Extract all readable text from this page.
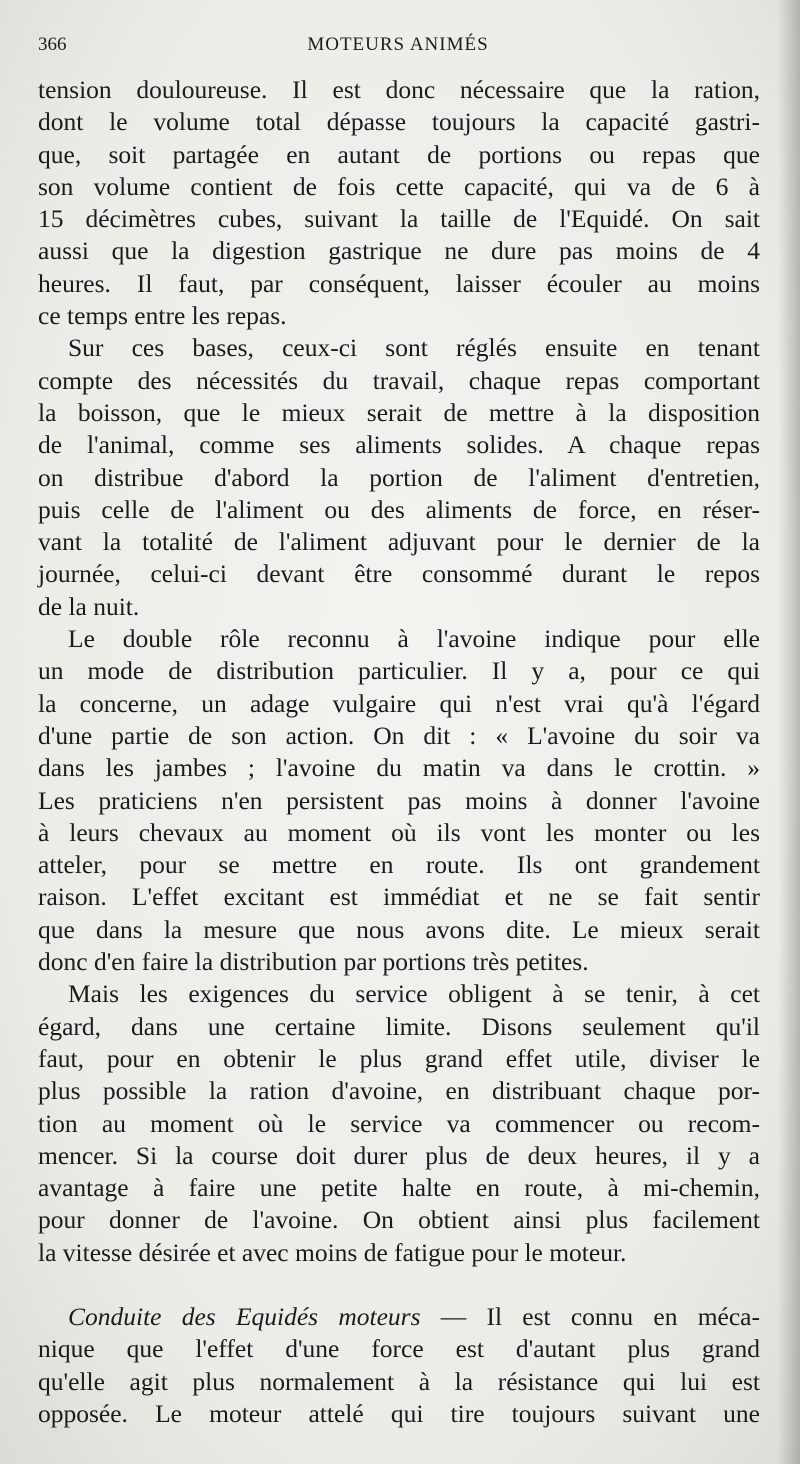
366	MOTEURS ANIMÉS
tension douloureuse. Il est donc nécessaire que la ration,
dont le volume total dépasse toujours la capacité gastri-
que, soit partagée en autant de portions ou repas que
son volume contient de fois cette capacité, qui va de 6 à
15 décimètres cubes, suivant la taille de l'Equidé. On sait
aussi que la digestion gastrique ne dure pas moins de 4
heures. Il faut, par conséquent, laisser écouler au moins
ce temps entre les repas.
Sur ces bases, ceux-ci sont réglés ensuite en tenant
compte des nécessités du travail, chaque repas comportant
la boisson, que le mieux serait de mettre à la disposition
de l'animal, comme ses aliments solides. A chaque repas
on distribue d'abord la portion de l'aliment d'entretien,
puis celle de l'aliment ou des aliments de force, en réser-
vant la totalité de l'aliment adjuvant pour le dernier de la
journée, celui-ci devant être consommé durant le repos
de la nuit.
Le double rôle reconnu à l'avoine indique pour elle
un mode de distribution particulier. Il y a, pour ce qui
la concerne, un adage vulgaire qui n'est vrai qu'à l'égard
d'une partie de son action. On dit : « L'avoine du soir va
dans les jambes ; l'avoine du matin va dans le crottin. »
Les praticiens n'en persistent pas moins à donner l'avoine
à leurs chevaux au moment où ils vont les monter ou les
atteler, pour se mettre en route. Ils ont grandement
raison. L'effet excitant est immédiat et ne se fait sentir
que dans la mesure que nous avons dite. Le mieux serait
donc d'en faire la distribution par portions très petites.
Mais les exigences du service obligent à se tenir, à cet
égard, dans une certaine limite. Disons seulement qu'il
faut, pour en obtenir le plus grand effet utile, diviser le
plus possible la ration d'avoine, en distribuant chaque por-
tion au moment où le service va commencer ou recom-
mencer. Si la course doit durer plus de deux heures, il y a
avantage à faire une petite halte en route, à mi-chemin,
pour donner de l'avoine. On obtient ainsi plus facilement
la vitesse désirée et avec moins de fatigue pour le moteur.
Conduite des Equidés moteurs — Il est connu en méca-
nique que l'effet d'une force est d'autant plus grand
qu'elle agit plus normalement à la résistance qui lui est
opposée. Le moteur attelé qui tire toujours suivant une
